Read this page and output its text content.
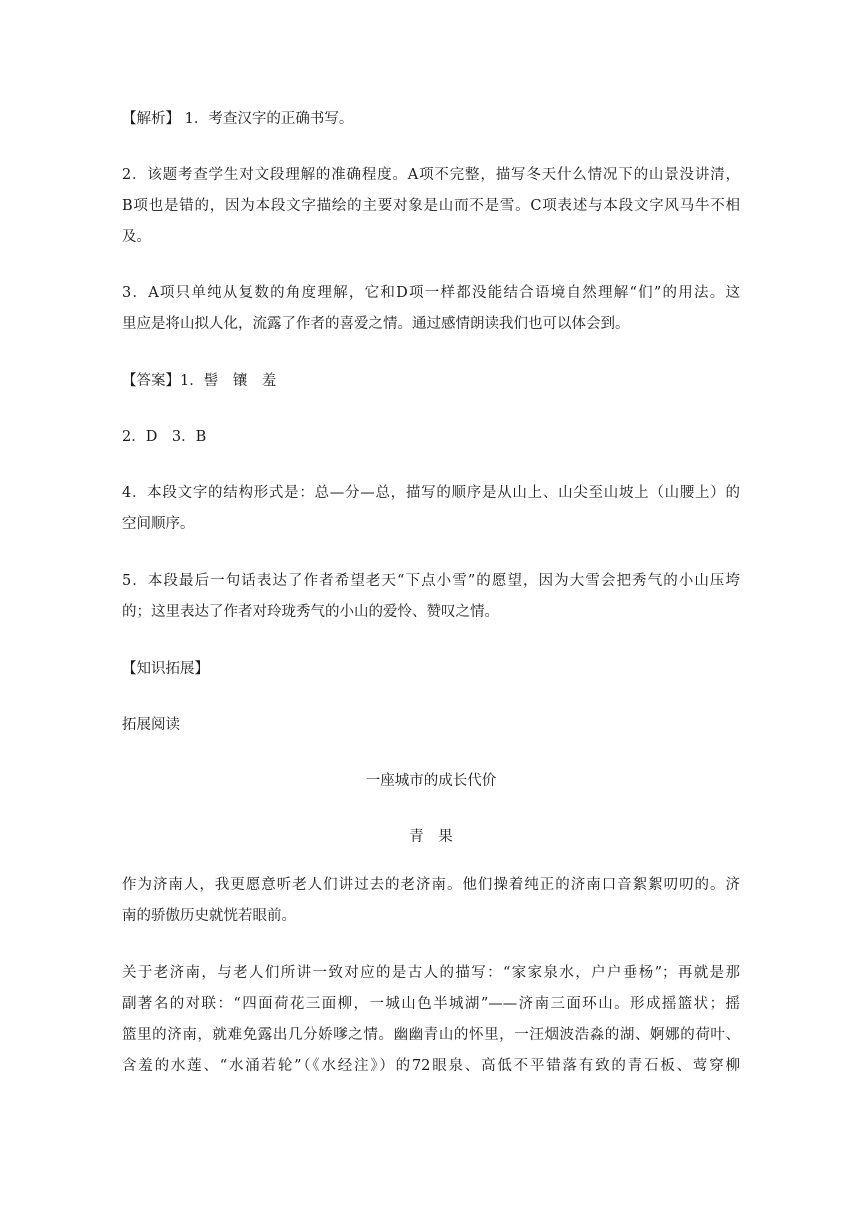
【解析】 1．考查汉字的正确书写。

2．该题考查学生对文段理解的准确程度。A项不完整，描写冬天什么情况下的山景没讲清，
B项也是错的，因为本段文字描绘的主要对象是山而不是雪。C项表述与本段文字风马牛不相
及。
3．A项只单纯从复数的角度理解，它和D项一样都没能结合语境自然理解“们”的用法。这
里应是将山拟人化，流露了作者的喜爱之情。通过感情朗读我们也可以体会到。

【答案】1．髻　镶　羞

2．D　3．B

4．本段文字的结构形式是：总—分—总，描写的顺序是从山上、山尖至山坡上（山腰上）的
空间顺序。
5．本段最后一句话表达了作者希望老天“下点小雪”的愿望，因为大雪会把秀气的小山压垮
的；这里表达了作者对玲珑秀气的小山的爱怜、赞叹之情。

【知识拓展】

拓展阅读

一座城市的成长代价

青　果

作为济南人，我更愿意听老人们讲过去的老济南。他们操着纯正的济南口音絮絮叨叨的。济
南的骄傲历史就恍若眼前。
关于老济南，与老人们所讲一致对应的是古人的描写：“家家泉水，户户垂杨”；再就是那
副著名的对联：“四面荷花三面柳，一城山色半城湖”——济南三面环山。形成摇篮状；摇
篮里的济南，就难免露出几分娇嗲之情。幽幽青山的怀里，一汪烟波浩淼的湖、婀娜的荷叶、
含羞的水莲、“水涌若轮”（《水经注》）的72眼泉、高低不平错落有致的青石板、莺穿柳
